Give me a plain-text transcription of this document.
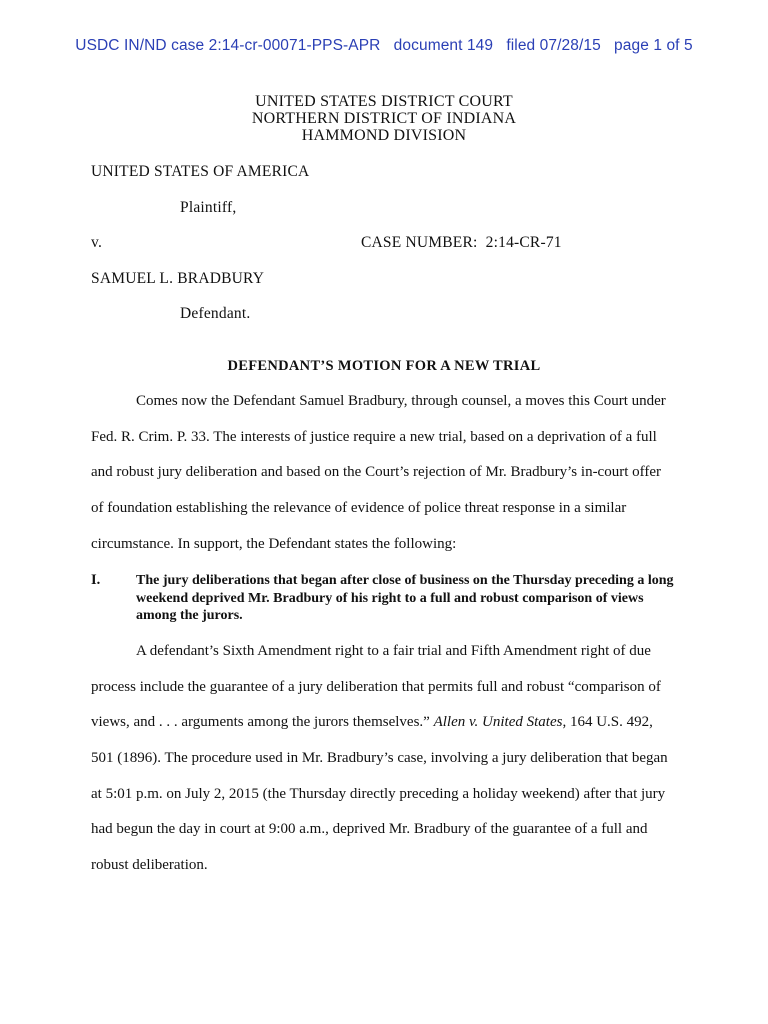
USDC IN/ND case 2:14-cr-00071-PPS-APR   document 149   filed 07/28/15   page 1 of 5
UNITED STATES DISTRICT COURT
NORTHERN DISTRICT OF INDIANA
HAMMOND DIVISION
UNITED STATES OF AMERICA
Plaintiff,
v.	CASE NUMBER:  2:14-CR-71
SAMUEL L. BRADBURY
Defendant.
DEFENDANT’S MOTION FOR A NEW TRIAL
Comes now the Defendant Samuel Bradbury, through counsel, a moves this Court under
Fed. R. Crim. P. 33. The interests of justice require a new trial, based on a deprivation of a full
and robust jury deliberation and based on the Court’s rejection of Mr. Bradbury’s in-court offer
of foundation establishing the relevance of evidence of police threat response in a similar
circumstance. In support, the Defendant states the following:
I.	The jury deliberations that began after close of business on the Thursday preceding a long weekend deprived Mr. Bradbury of his right to a full and robust comparison of views among the jurors.
A defendant’s Sixth Amendment right to a fair trial and Fifth Amendment right of due
process include the guarantee of a jury deliberation that permits full and robust “comparison of
views, and . . . arguments among the jurors themselves.” Allen v. United States, 164 U.S. 492,
501 (1896). The procedure used in Mr. Bradbury’s case, involving a jury deliberation that began
at 5:01 p.m. on July 2, 2015 (the Thursday directly preceding a holiday weekend) after that jury
had begun the day in court at 9:00 a.m., deprived Mr. Bradbury of the guarantee of a full and
robust deliberation.
